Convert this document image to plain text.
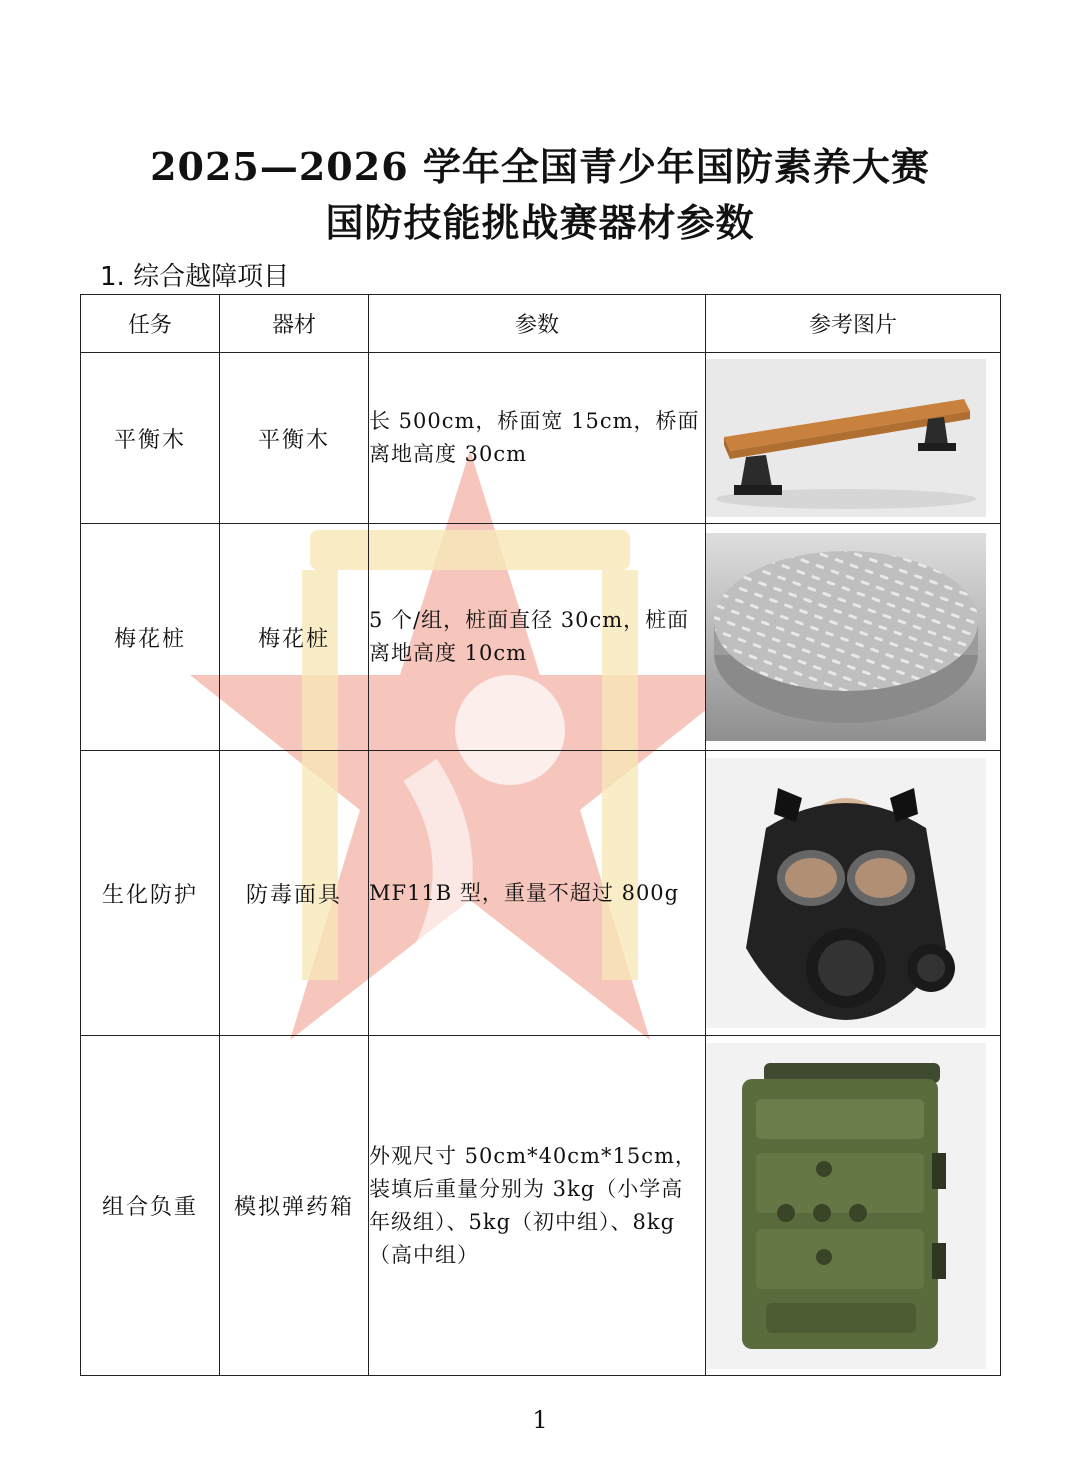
2025—2026 学年全国青少年国防素养大赛
国防技能挑战赛器材参数
1. 综合越障项目
任务	器材	参数	参考图片
平衡木	平衡木	长 500cm，桥面宽 15cm，桥面离地高度 30cm	

梅花桩	梅花桩	5 个/组，桩面直径 30cm，桩面离地高度 10cm	

生化防护	防毒面具	MF11B 型，重量不超过 800g	

组合负重	模拟弹药箱	外观尺寸 50cm*40cm*15cm，装填后重量分别为 3kg（小学高年级组）、5kg（初中组）、8kg（高中组）	
1
